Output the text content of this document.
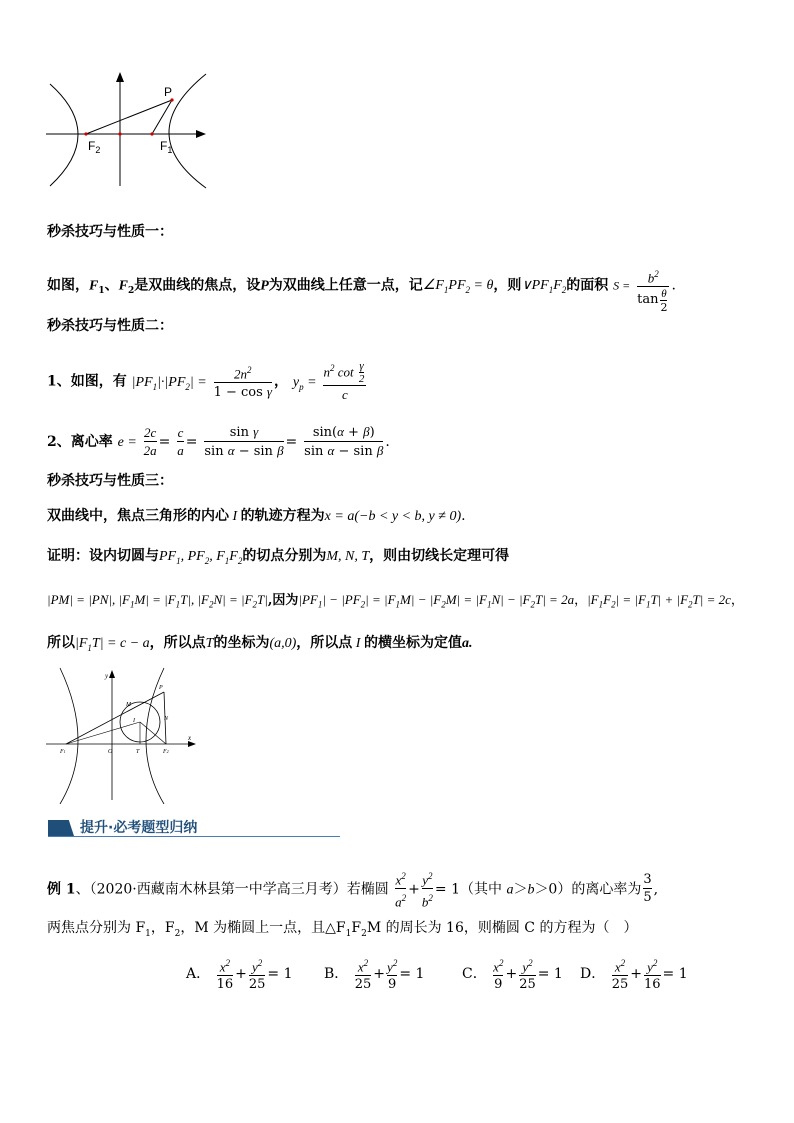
P
$F_2$	$F_1$
秒杀技巧与性质一：
如图，$F_1$、$F_2$是双曲线的焦点，设P为双曲线上任意一点，记$\angle F_1PF_2 = \theta$，则$\vee PF_1F_2$的面积 $S = \frac{b^2}{\tan \frac{\theta}{2}}$ .
秒杀技巧与性质二：
1、如图，有 $|PF_1|\cdot|PF_2| = \frac{2n^2}{\text{1 − cos γ}}$ ， $y_p = \frac{n^2 \cot \frac{\gamma}{2}}{c}$
2、离心率 $e = \frac{2c}{2a} = \frac{c}{a} = \frac{\text{sin γ}}{\text{sin α − sin β}} = \frac{\sin(\alpha + \beta)}{\text{sin α − sin β}}$ .
秒杀技巧与性质三：
双曲线中，焦点三角形的内心 I 的轨迹方程为x = a(−b < y < b, y ≠ 0).
证明：设内切圆与$PF_1$, $PF_2$, $F_1F_2$的切点分别为M, N, T，则由切线长定理可得
|PM| = |PN|, $|F_1M| = |F_1T|$, $|F_2N| = |F_2T|$,因为$|PF_1| - |PF_2| = |F_1M| - |F_2M| = |F_1N| - |F_2T| = 2a$，$|F_1F_2| = |F_1T| + |F_2T| = 2c$，
所以$|F_1T| = c - a$，所以点T的坐标为(a,0)，所以点 I 的横坐标为定值a.
y
x
P
M
N
I
F1	O	T	F2
提升·必考题型归纳
例 1、（2020·西藏南木林县第一中学高三月考）若椭圆 $\frac{x^2}{a^2} + \frac{y^2}{b^2} = 1$（其中 a＞b＞0）的离心率为 $\frac{3}{5}$ ,
两焦点分别为 $F_1$，$F_2$，M 为椭圆上一点，且$\triangle F_1F_2M$ 的周长为 16，则椭圆 C 的方程为（　）
A． $\frac{x^2}{16} + \frac{y^2}{25} = 1$ B． $\frac{x^2}{25} + \frac{y^2}{9} = 1$	C． $\frac{x^2}{9} + \frac{y^2}{25} = 1$ D． $\frac{x^2}{25} + \frac{y^2}{16} = 1$
